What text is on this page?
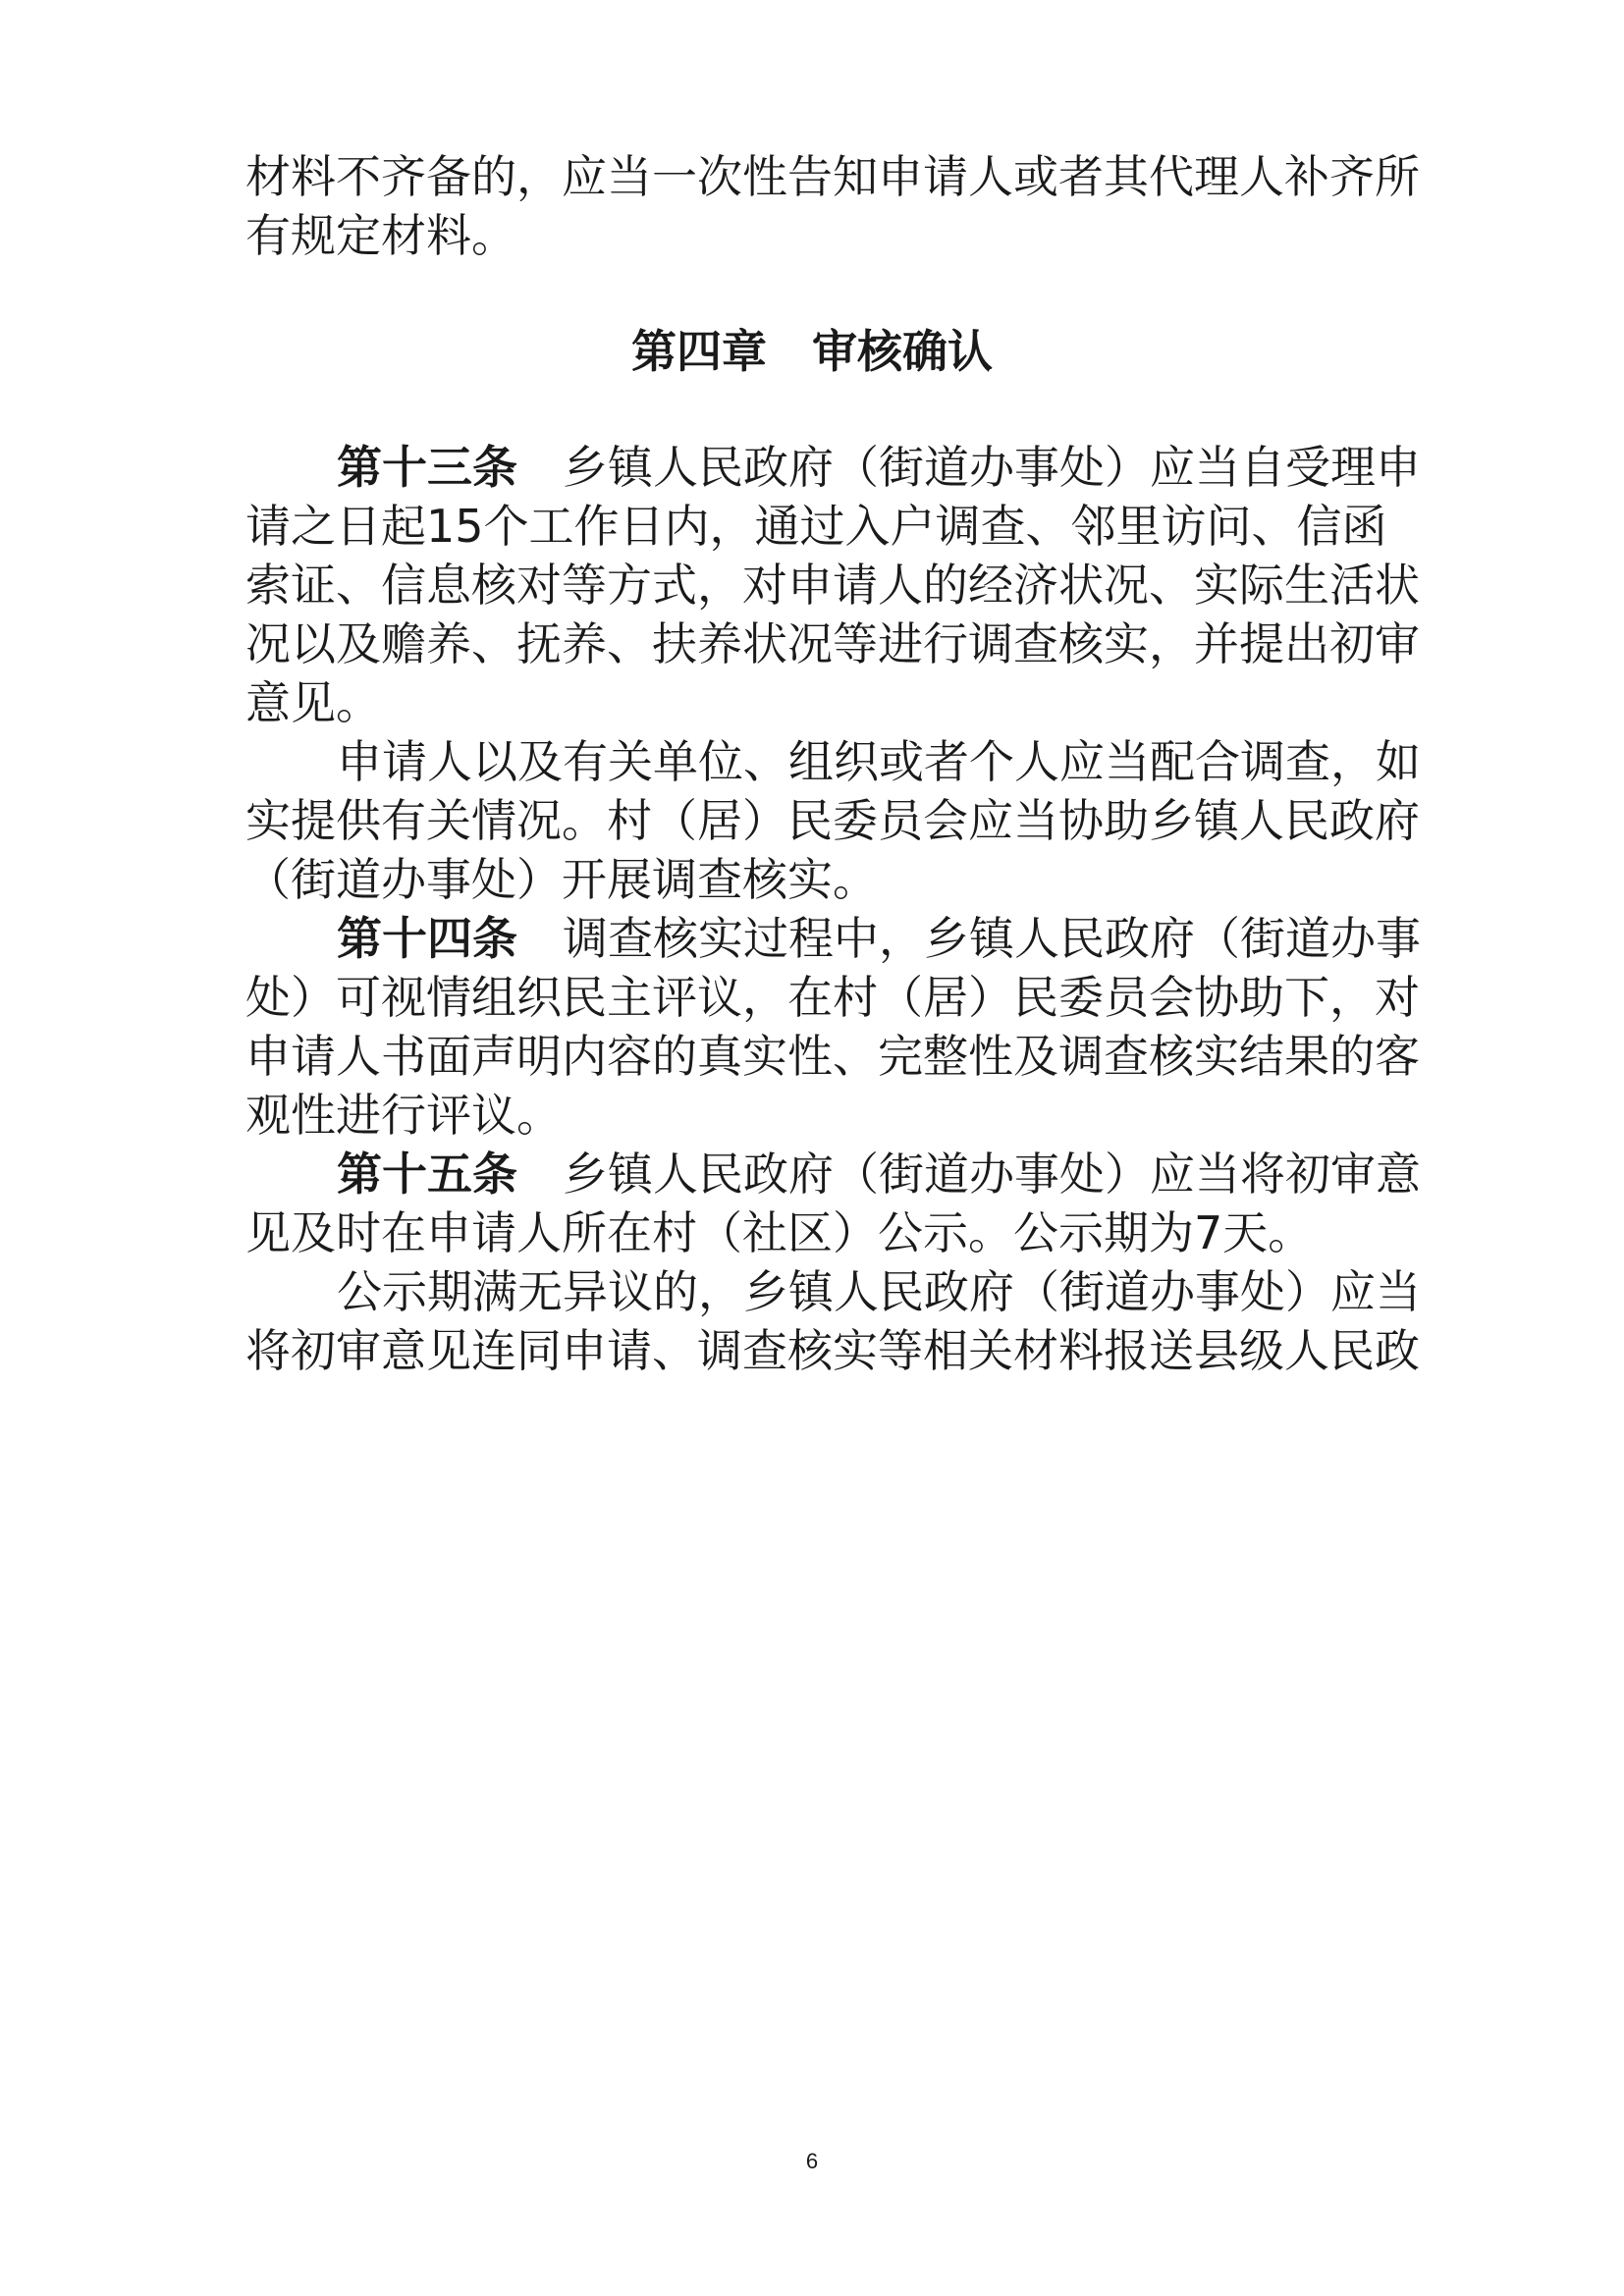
材料不齐备的，应当一次性告知申请人或者其代理人补齐所
有规定材料。
第四章　审核确认
第十三条 乡镇人民政府（街道办事处）应当自受理申
请之日起15个工作日内，通过入户调查、邻里访问、信函
索证、信息核对等方式，对申请人的经济状况、实际生活状
况以及赡养、抚养、扶养状况等进行调查核实，并提出初审
意见。
申请人以及有关单位、组织或者个人应当配合调查，如
实提供有关情况。村（居）民委员会应当协助乡镇人民政府
（街道办事处）开展调查核实。
第十四条 调查核实过程中，乡镇人民政府（街道办事
处）可视情组织民主评议，在村（居）民委员会协助下，对
申请人书面声明内容的真实性、完整性及调查核实结果的客
观性进行评议。
第十五条 乡镇人民政府（街道办事处）应当将初审意
见及时在申请人所在村（社区）公示。公示期为7天。
公示期满无异议的，乡镇人民政府（街道办事处）应当
将初审意见连同申请、调查核实等相关材料报送县级人民政
6
